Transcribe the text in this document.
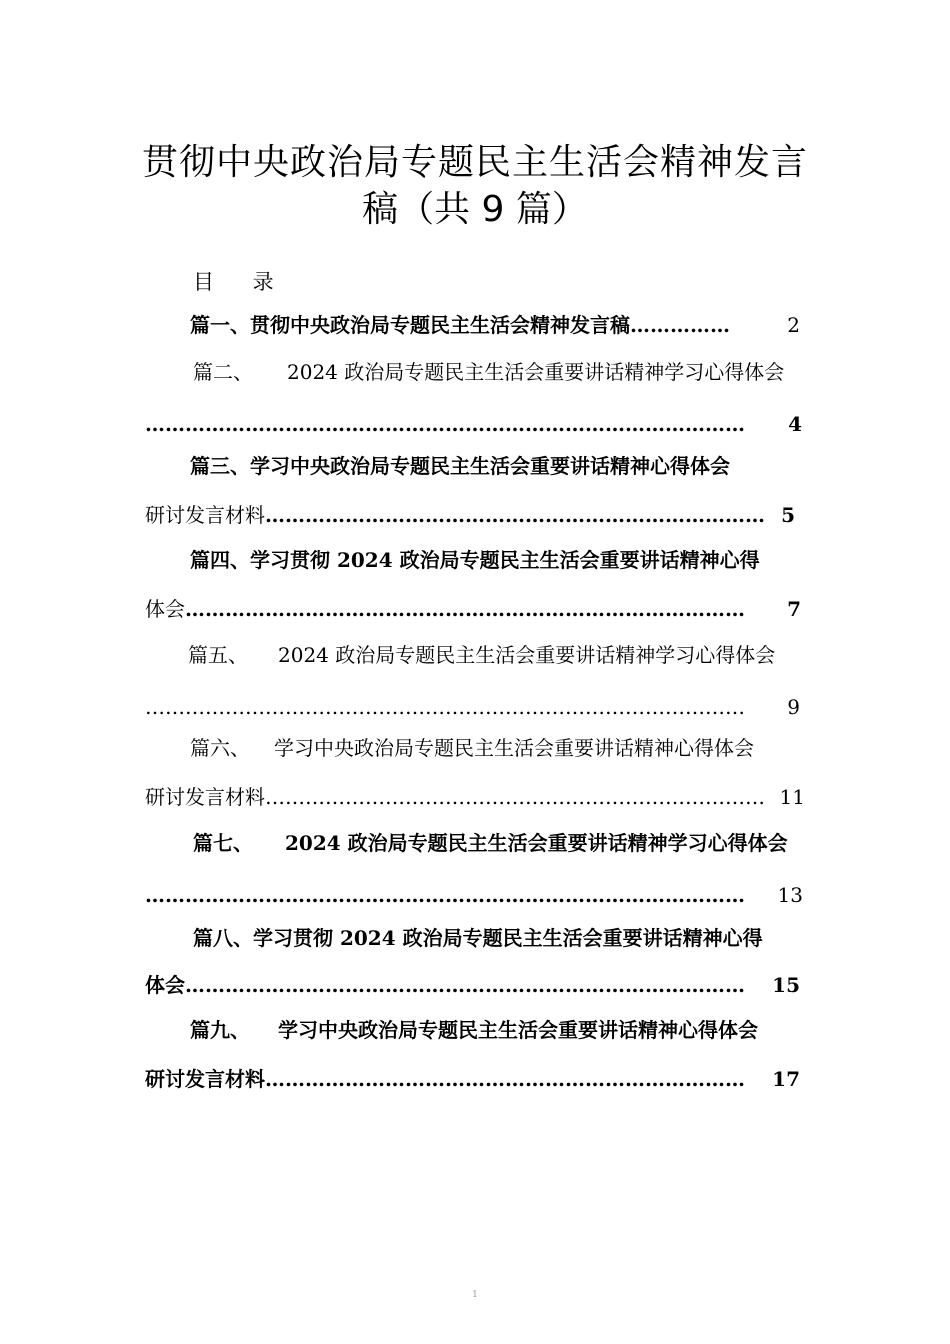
贯彻中央政治局专题民主生活会精神发言
稿（共 9 篇）
目 录
篇一、贯彻中央政治局专题民主生活会精神发言稿 ……………	2
篇二、 2024 政治局专题民主生活会重要讲话精神学习心得体会
………………………………………………………………………………	4
篇三、学习中央政治局专题民主生活会重要讲话精神心得体会
研讨发言材料 ………………………………………………………………… 5
篇四、学习贯彻 2024 政治局专题民主生活会重要讲话精神心得
体会 …………………………………………………………………………	7
篇五、 2024 政治局专题民主生活会重要讲话精神学习心得体会
………………………………………………………………………………	9
篇六、 学习中央政治局专题民主生活会重要讲话精神心得体会
研讨发言材料 ………………………………………………………………… 11
篇七、 2024 政治局专题民主生活会重要讲话精神学习心得体会
………………………………………………………………………………	13
篇八、学习贯彻 2024 政治局专题民主生活会重要讲话精神心得
体会 …………………………………………………………………………	15
篇九、 学习中央政治局专题民主生活会重要讲话精神心得体会
研讨发言材料 ………………………………………………………………	17
1
